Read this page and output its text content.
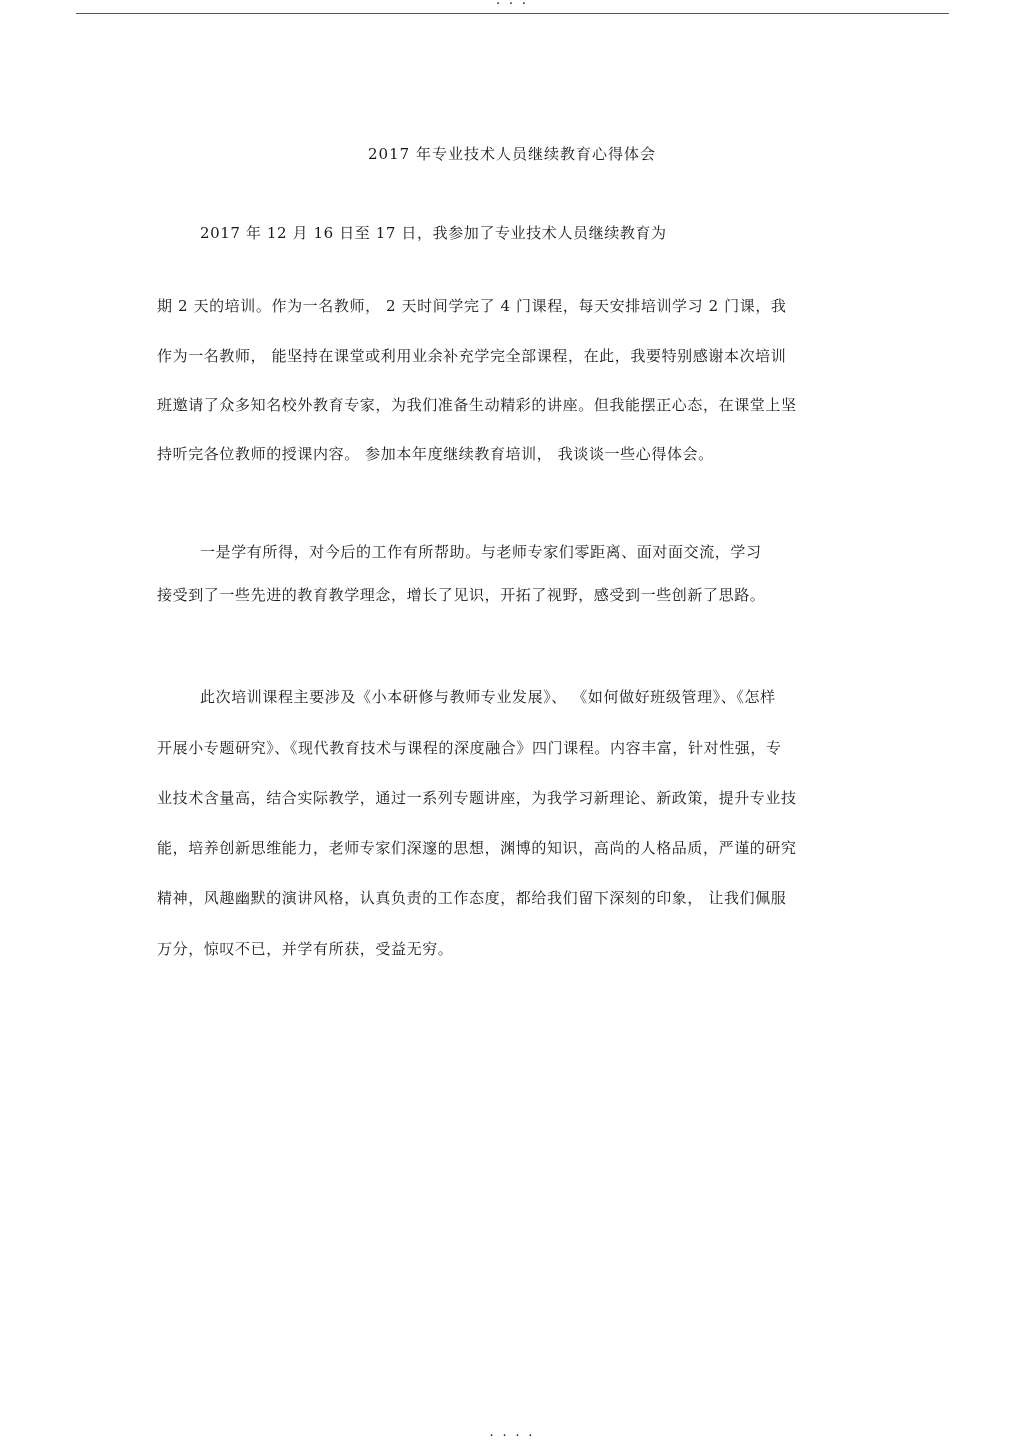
· · ·
2017 年专业技术人员继续教育心得体会
2017 年 12 月 16 日至 17 日，我参加了专业技术人员继续教育为
期 2 天的培训。作为一名教师， 2 天时间学完了 4 门课程，每天安排培训学习 2 门课，我
作为一名教师， 能坚持在课堂或利用业余补充学完全部课程，在此，我要特别感谢本次培训
班邀请了众多知名校外教育专家，为我们准备生动精彩的讲座。但我能摆正心态，在课堂上坚
持听完各位教师的授课内容。 参加本年度继续教育培训， 我谈谈一些心得体会。
一是学有所得，对今后的工作有所帮助。与老师专家们零距离、面对面交流，学习
接受到了一些先进的教育教学理念，增长了见识，开拓了视野，感受到一些创新了思路。
此次培训课程主要涉及《小本研修与教师专业发展》、 《如何做好班级管理》、《怎样
开展小专题研究》、《现代教育技术与课程的深度融合》四门课程。内容丰富，针对性强，专
业技术含量高，结合实际教学，通过一系列专题讲座，为我学习新理论、新政策，提升专业技
能，培养创新思维能力，老师专家们深邃的思想，渊博的知识，高尚的人格品质，严谨的研究
精神，风趣幽默的演讲风格，认真负责的工作态度，都给我们留下深刻的印象， 让我们佩服
万分，惊叹不已，并学有所获，受益无穷。
· · · ·
